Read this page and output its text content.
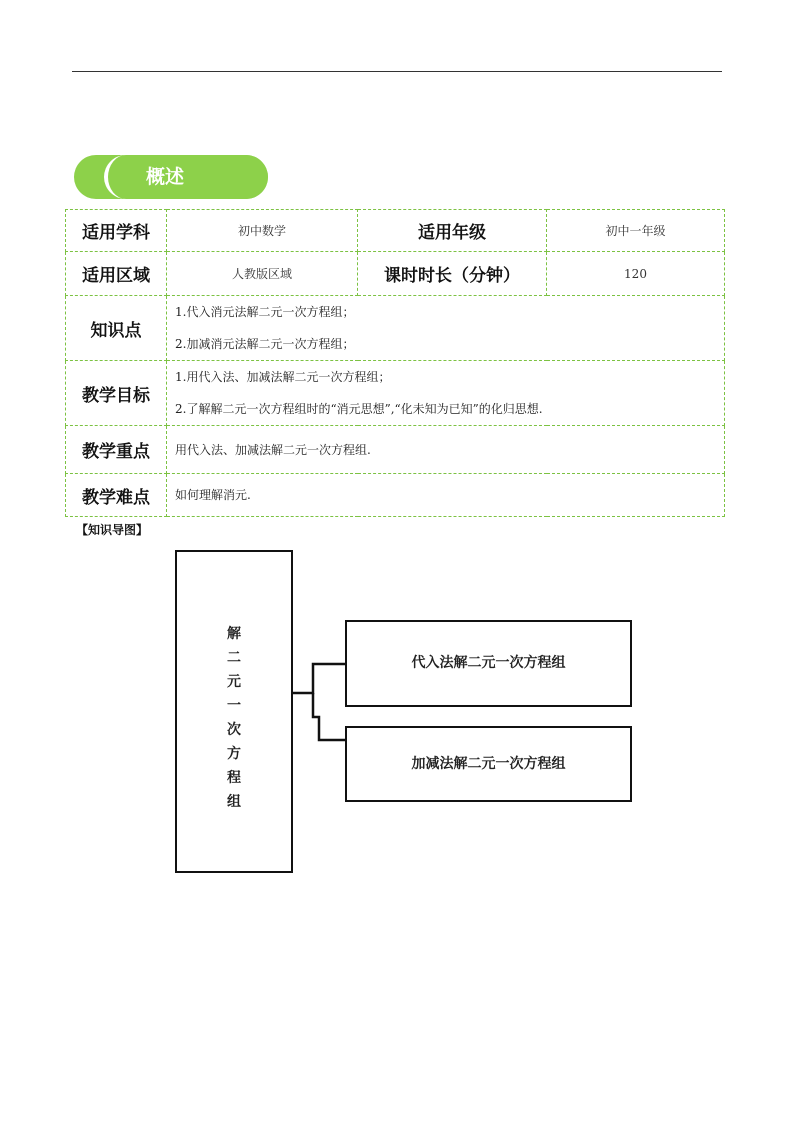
概述
适用学科	初中数学	适用年级	初中一年级
适用区域	人教版区域	课时时长（分钟）	120
知识点	1.代入消元法解二元一次方程组；
2.加减消元法解二元一次方程组；		

教学目标	1.用代入法、加减法解二元一次方程组；
2.了解解二元一次方程组时的“消元思想”,“化未知为已知”的化归思想.		

教学重点	用代入法、加减法解二元一次方程组.		
教学难点	如何理解消元.		
【知识导图】
解
二
元
一
次
方
程
组
代入法解二元一次方程组
加减法解二元一次方程组
